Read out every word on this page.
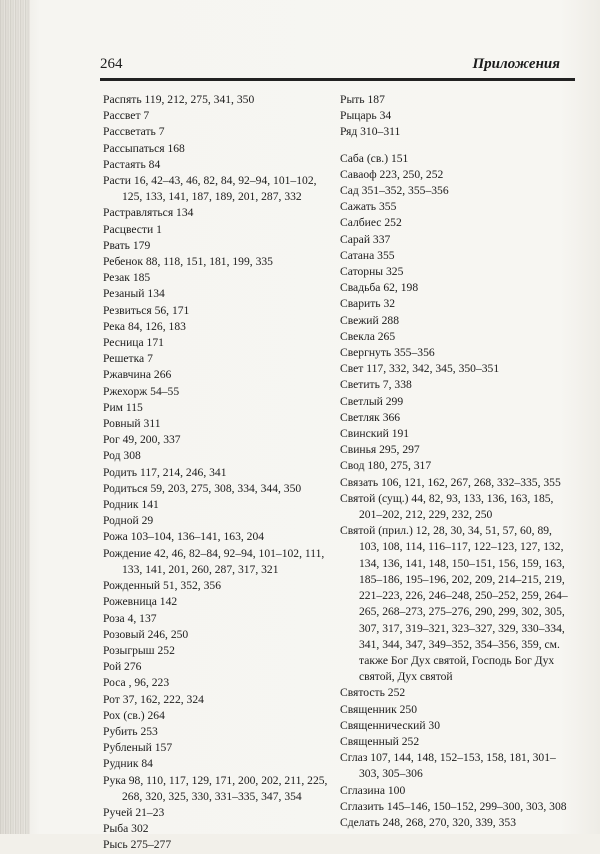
264	Приложения
Распять 119, 212, 275, 341, 350
Рассвет 7
Рассветать 7
Рассыпаться 168
Растаять 84
Расти 16, 42–43, 46, 82, 84, 92–94, 101–102, 125, 133, 141, 187, 189, 201, 287, 332
Растравляться 134
Расцвести 1
Рвать 179
Ребенок 88, 118, 151, 181, 199, 335
Резак 185
Резаный 134
Резвиться 56, 171
Река 84, 126, 183
Ресница 171
Решетка 7
Ржавчина 266
Ржехорж 54–55
Рим 115
Ровный 311
Рог 49, 200, 337
Род 308
Родить 117, 214, 246, 341
Родиться 59, 203, 275, 308, 334, 344, 350
Родник 141
Родной 29
Рожа 103–104, 136–141, 163, 204
Рождение 42, 46, 82–84, 92–94, 101–102, 111, 133, 141, 201, 260, 287, 317, 321
Рожденный 51, 352, 356
Рожевница 142
Роза 4, 137
Розовый 246, 250
Розыгрыш 252
Рой 276
Роса , 96, 223
Рот 37, 162, 222, 324
Рох (св.) 264
Рубить 253
Рубленый 157
Рудник 84
Рука 98, 110, 117, 129, 171, 200, 202, 211, 225, 268, 320, 325, 330, 331–335, 347, 354
Ручей 21–23
Рыба 302
Рысь 275–277
Рыть 187
Рыцарь 34
Ряд 310–311
Саба (св.) 151
Саваоф 223, 250, 252
Сад 351–352, 355–356
Сажать 355
Салбиес 252
Сарай 337
Сатана 355
Саторны 325
Свадьба 62, 198
Сварить 32
Свежий 288
Свекла 265
Свергнуть 355–356
Свет 117, 332, 342, 345, 350–351
Светить 7, 338
Светлый 299
Светляк 366
Свинский 191
Свинья 295, 297
Свод 180, 275, 317
Связать 106, 121, 162, 267, 268, 332–335, 355
Святой (сущ.) 44, 82, 93, 133, 136, 163, 185, 201–202, 212, 229, 232, 250
Святой (прил.) 12, 28, 30, 34, 51, 57, 60, 89, 103, 108, 114, 116–117, 122–123, 127, 132, 134, 136, 141, 148, 150–151, 156, 159, 163, 185–186, 195–196, 202, 209, 214–215, 219, 221–223, 226, 246–248, 250–252, 259, 264–265, 268–273, 275–276, 290, 299, 302, 305, 307, 317, 319–321, 323–327, 329, 330–334, 341, 344, 347, 349–352, 354–356, 359, см. также Бог Дух святой, Господь Бог Дух святой, Дух святой
Святость 252
Священник 250
Священнический 30
Священный 252
Сглаз 107, 144, 148, 152–153, 158, 181, 301–303, 305–306
Сглазина 100
Сглазить 145–146, 150–152, 299–300, 303, 308
Сделать 248, 268, 270, 320, 339, 353
